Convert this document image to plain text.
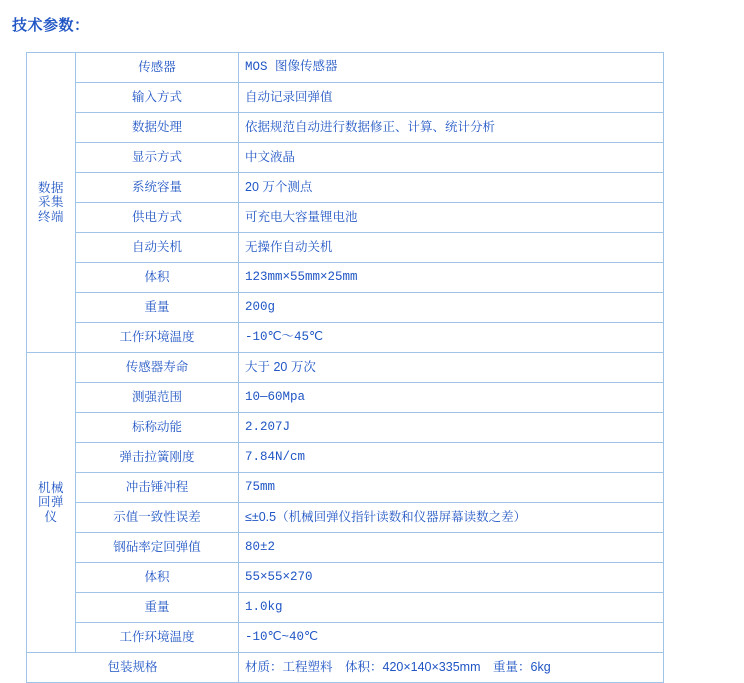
技术参数：
数据采集终端	传感器	MOS 图像传感器
	输入方式	自动记录回弹值
	数据处理	依据规范自动进行数据修正、计算、统计分析
	显示方式	中文液晶
	系统容量	20 万个测点
	供电方式	可充电大容量锂电池
	自动关机	无操作自动关机
	体积	123mm×55mm×25mm
	重量	200g
	工作环境温度	-10℃～45℃

机械回弹仪	传感器寿命	大于 20 万次
	测强范围	10—60Mpa
	标称动能	2.207J
	弹击拉簧刚度	7.84N/cm
	冲击锤冲程	75mm
	示值一致性误差	≤±0.5（机械回弹仪指针读数和仪器屏幕读数之差）
	钢砧率定回弹值	80±2
	体积	55×55×270
	重量	1.0kg
	工作环境温度	-10℃~40℃
包装规格		材质：工程塑料　体积：420×140×335mm　重量：6kg
